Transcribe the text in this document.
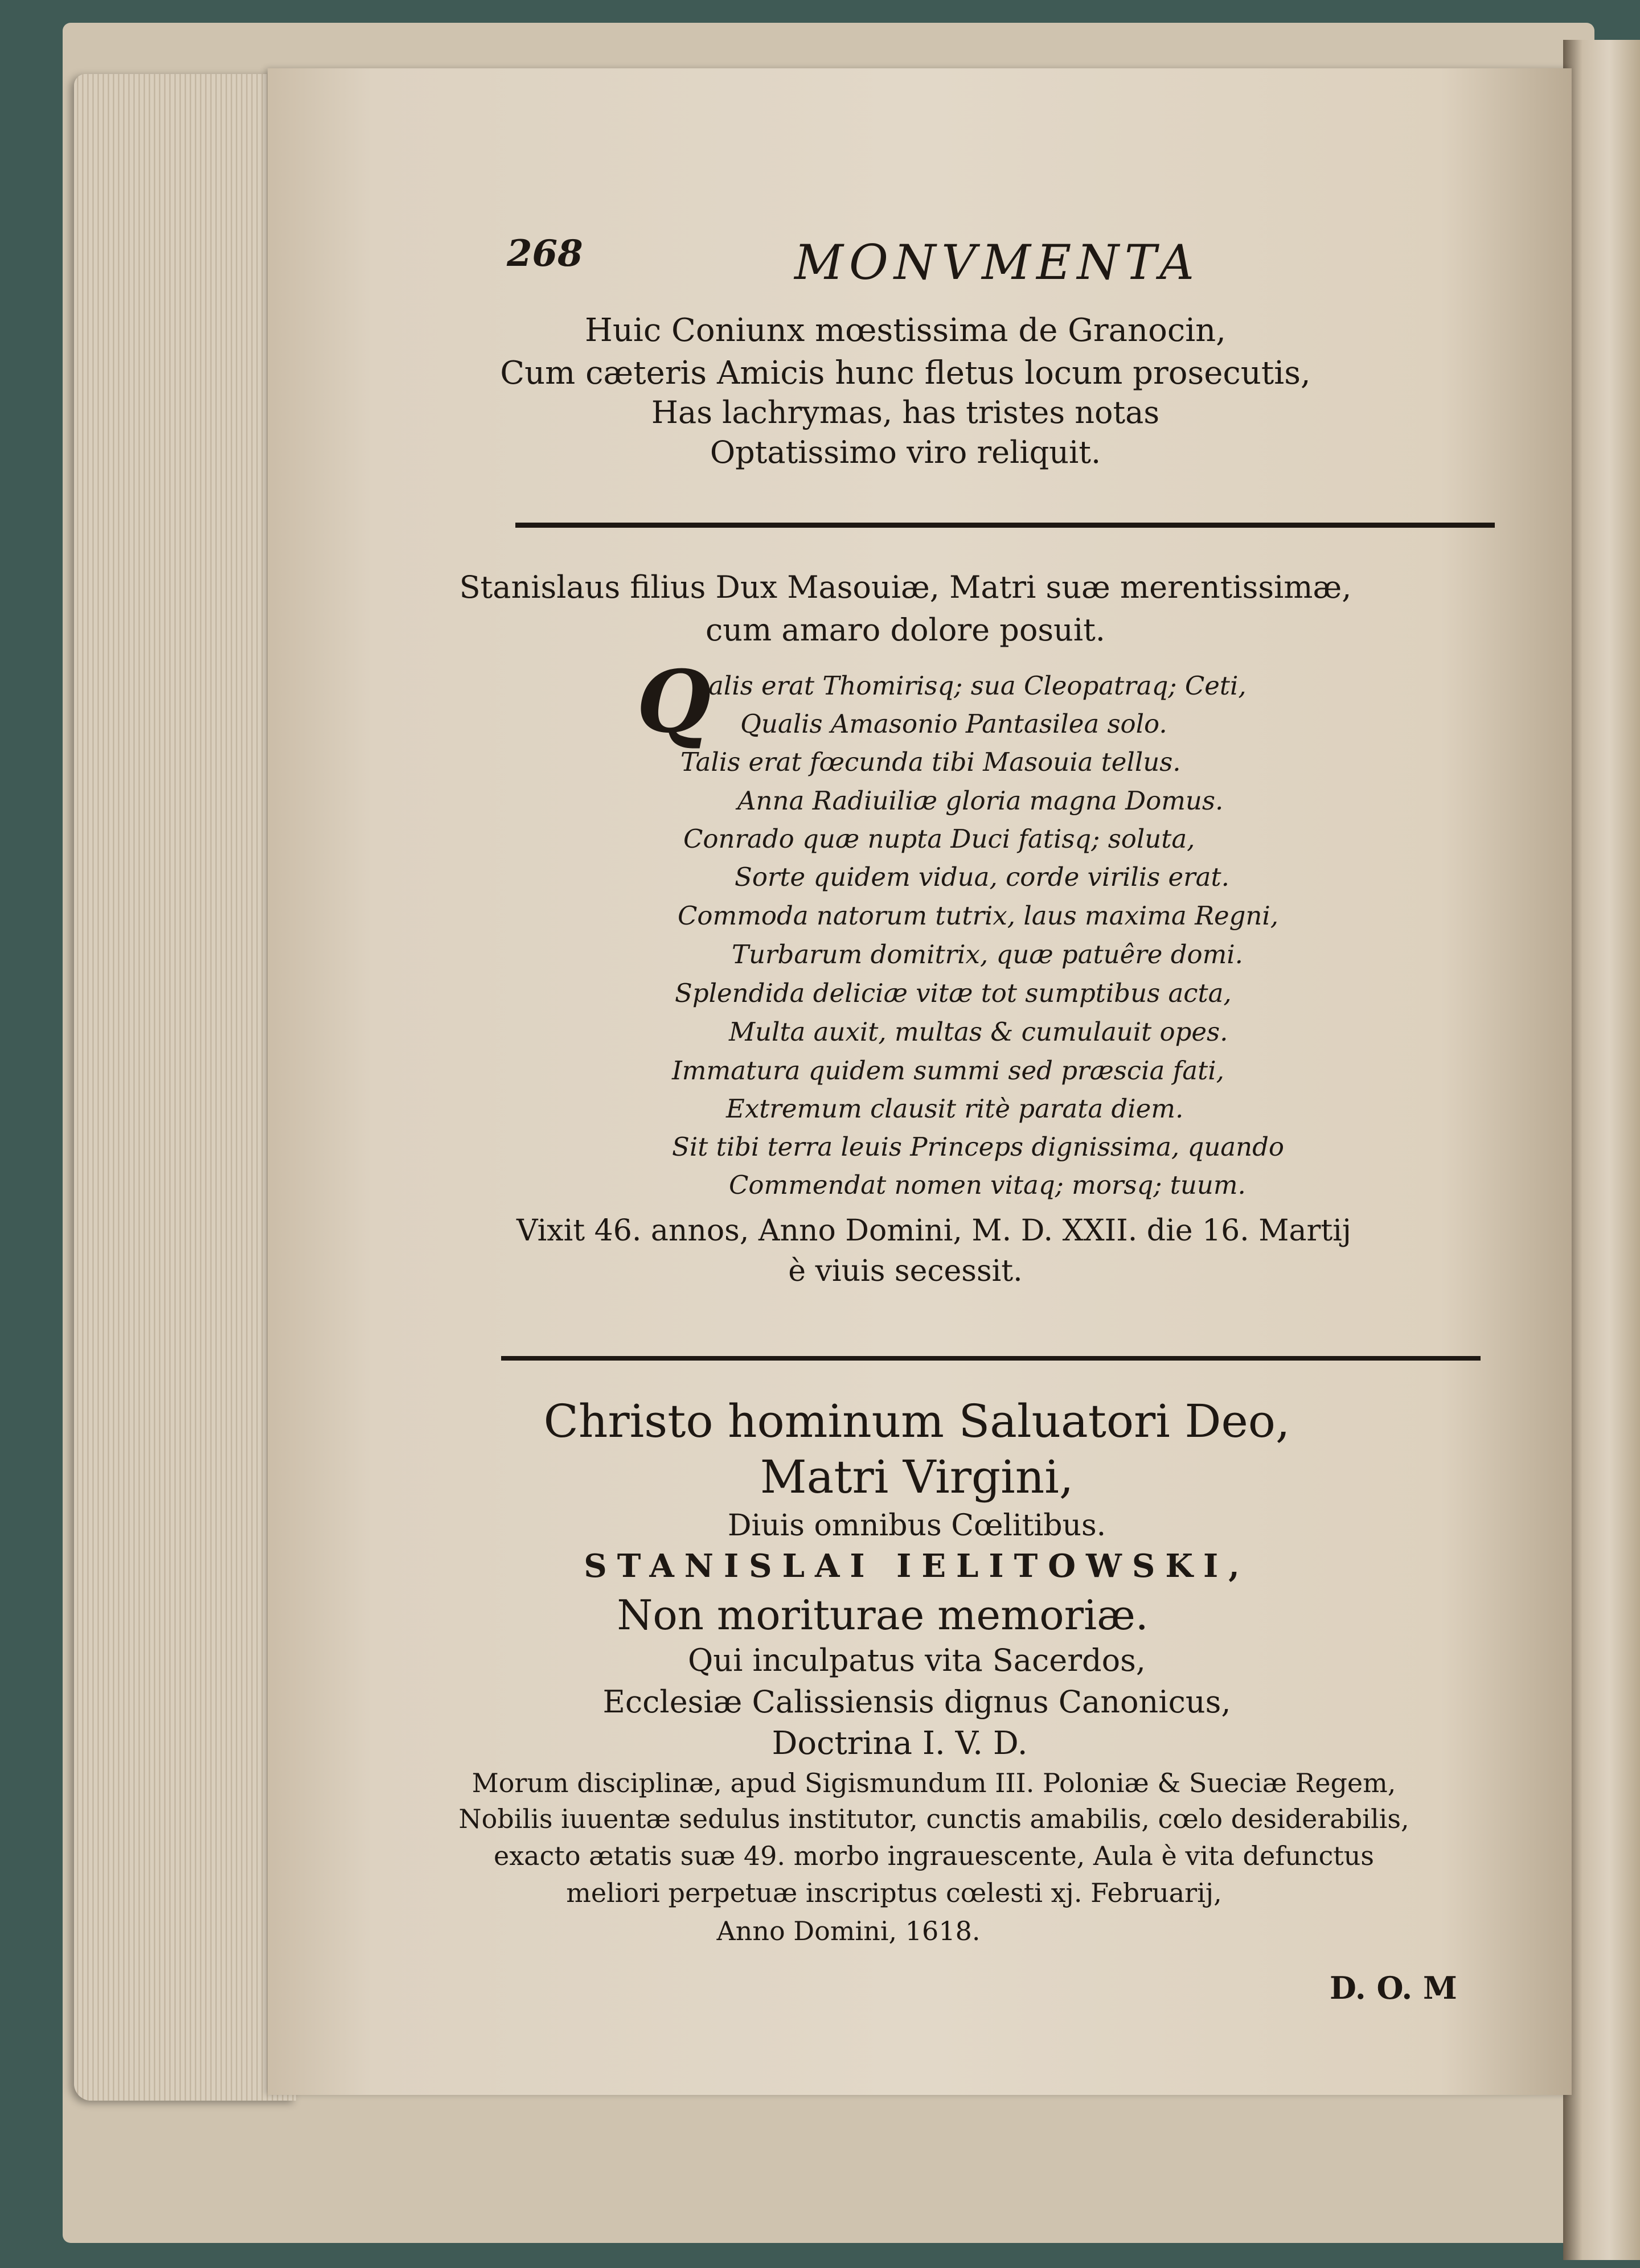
268	MONVMENTA
Huic Coniunx mœstissima de Granocin,
Cum cæteris Amicis hunc fletus locum prosecutis,
Has lachrymas, has tristes notas
Optatissimo viro reliquit.
Stanislaus filius Dux Masouiæ, Matri suæ merentissimæ,
cum amaro dolore posuit.
Q
ualis erat Thomirisq; sua Cleopatraq; Ceti,
Qualis Amasonio Pantasilea solo.
Talis erat fœcunda tibi Masouia tellus.
Anna Radiuiliæ gloria magna Domus.
Conrado quæ nupta Duci fatisq; soluta,
Sorte quidem vidua, corde virilis erat.
Commoda natorum tutrix, laus maxima Regni,
Turbarum domitrix, quæ patuêre domi.
Splendida deliciæ vitæ tot sumptibus acta,
Multa auxit, multas & cumulauit opes.
Immatura quidem summi sed præscia fati,
Extremum clausit ritè parata diem.
Sit tibi terra leuis Princeps dignissima, quando
Commendat nomen vitaq; morsq; tuum.
Vixit 46. annos, Anno Domini, M. D. XXII. die 16. Martij
è viuis secessit.
Christo hominum Saluatori Deo,
Matri Virgini,
Diuis omnibus Cœlitibus.
STANISLAI IELITOWSKI,
Non moriturae memoriæ.
Qui inculpatus vita Sacerdos,
Ecclesiæ Calissiensis dignus Canonicus,
Doctrina I. V. D.
Morum disciplinæ, apud Sigismundum III. Poloniæ & Sueciæ Regem,
Nobilis iuuentæ sedulus institutor, cunctis amabilis, cœlo desiderabilis,
exacto ætatis suæ 49. morbo ingrauescente, Aula è vita defunctus
meliori perpetuæ inscriptus cœlesti xj. Februarij,
Anno Domini, 1618.
D. O. M
